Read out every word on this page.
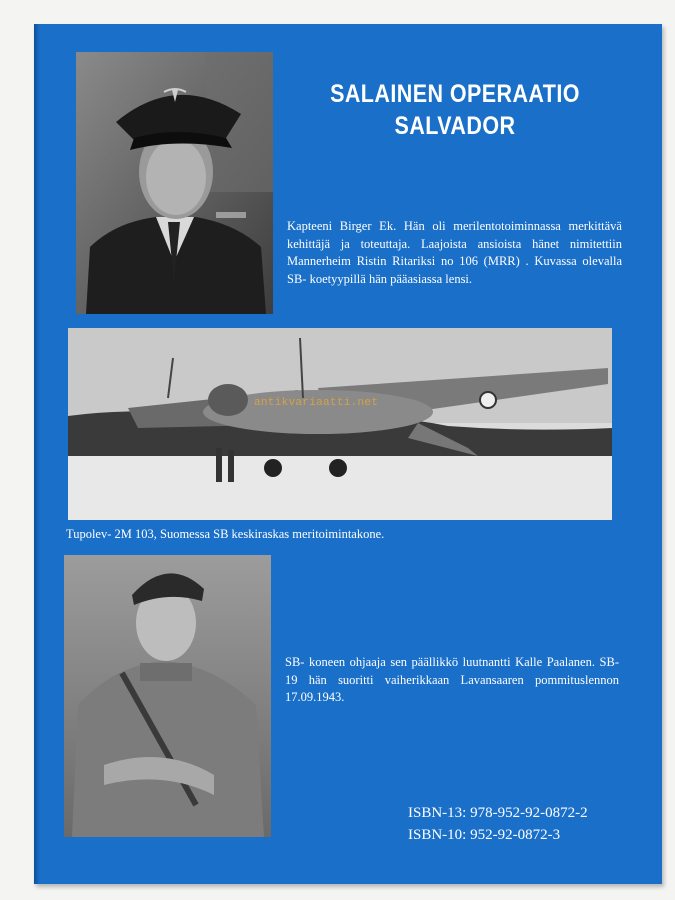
SALAINEN OPERAATIO
SALVADOR
Kapteeni Birger Ek. Hän oli merilentotoiminnassa merkittävä kehittäjä ja toteuttaja. Laajoista ansioista hänet nimitettiin Mannerheim Ristin Ritariksi no 106 (MRR) . Kuvassa olevalla SB- koetyypillä hän pääasiassa lensi.
antikvariaatti.net
Tupolev- 2M 103, Suomessa SB keskiraskas meritoimintakone.
SB- koneen ohjaaja sen päällikkö luutnantti Kalle Paalanen. SB- 19 hän suoritti vaiherikkaan Lavansaaren pommituslennon 17.09.1943.
ISBN-13: 978-952-92-0872-2
ISBN-10: 952-92-0872-3
